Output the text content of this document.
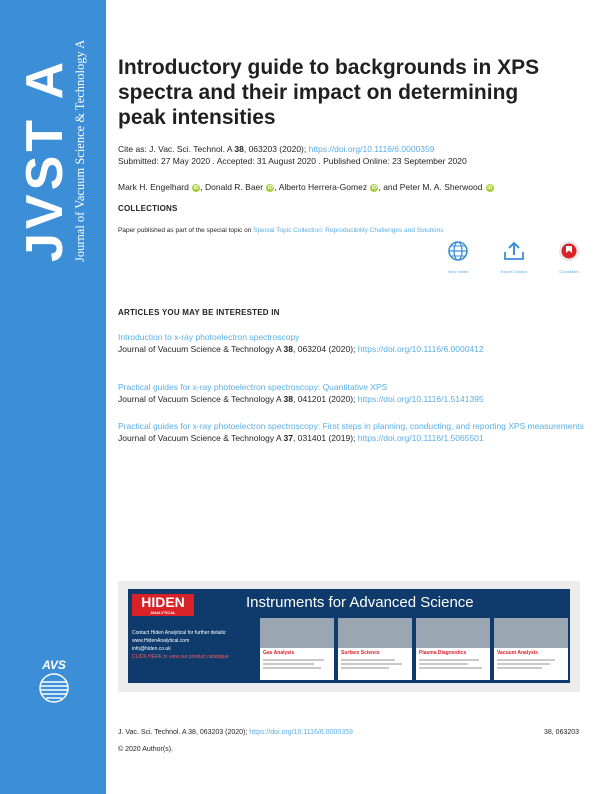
JVST A Journal of Vacuum Science & Technology A
AVS
Introductory guide to backgrounds in XPS spectra and their impact on determining peak intensities
Cite as: J. Vac. Sci. Technol. A 38, 063203 (2020); https://doi.org/10.1116/6.0000359
Submitted: 27 May 2020 . Accepted: 31 August 2020 . Published Online: 23 September 2020
Mark H. Engelhard iD , Donald R. Baer iD , Alberto Herrera-Gomez iD , and Peter M. A. Sherwood iD
COLLECTIONS
Paper published as part of the special topic on Special Topic Collection: Reproducibility Challenges and Solutions
View online	Export Citation	CrossMark
ARTICLES YOU MAY BE INTERESTED IN
Introduction to x-ray photoelectron spectroscopy
Journal of Vacuum Science & Technology A 38, 063204 (2020); https://doi.org/10.1116/6.0000412
Practical guides for x-ray photoelectron spectroscopy: Quantitative XPS
Journal of Vacuum Science & Technology A 38, 041201 (2020); https://doi.org/10.1116/1.5141395
Practical guides for x-ray photoelectron spectroscopy: First steps in planning, conducting, and reporting XPS measurements
Journal of Vacuum Science & Technology A 37, 031401 (2019); https://doi.org/10.1116/1.5065501
HIDEN
ANALYTICAL
Instruments for Advanced Science
Contact Hiden Analytical for further details:
www.HidenAnalytical.com
info@hiden.co.uk
CLICK HERE to view our product catalogue
Gas Analysis	Surface Science	Plasma Diagnostics	Vacuum Analysis
J. Vac. Sci. Technol. A 38, 063203 (2020); https://doi.org/10.1116/6.0000359	38, 063203
© 2020 Author(s).
